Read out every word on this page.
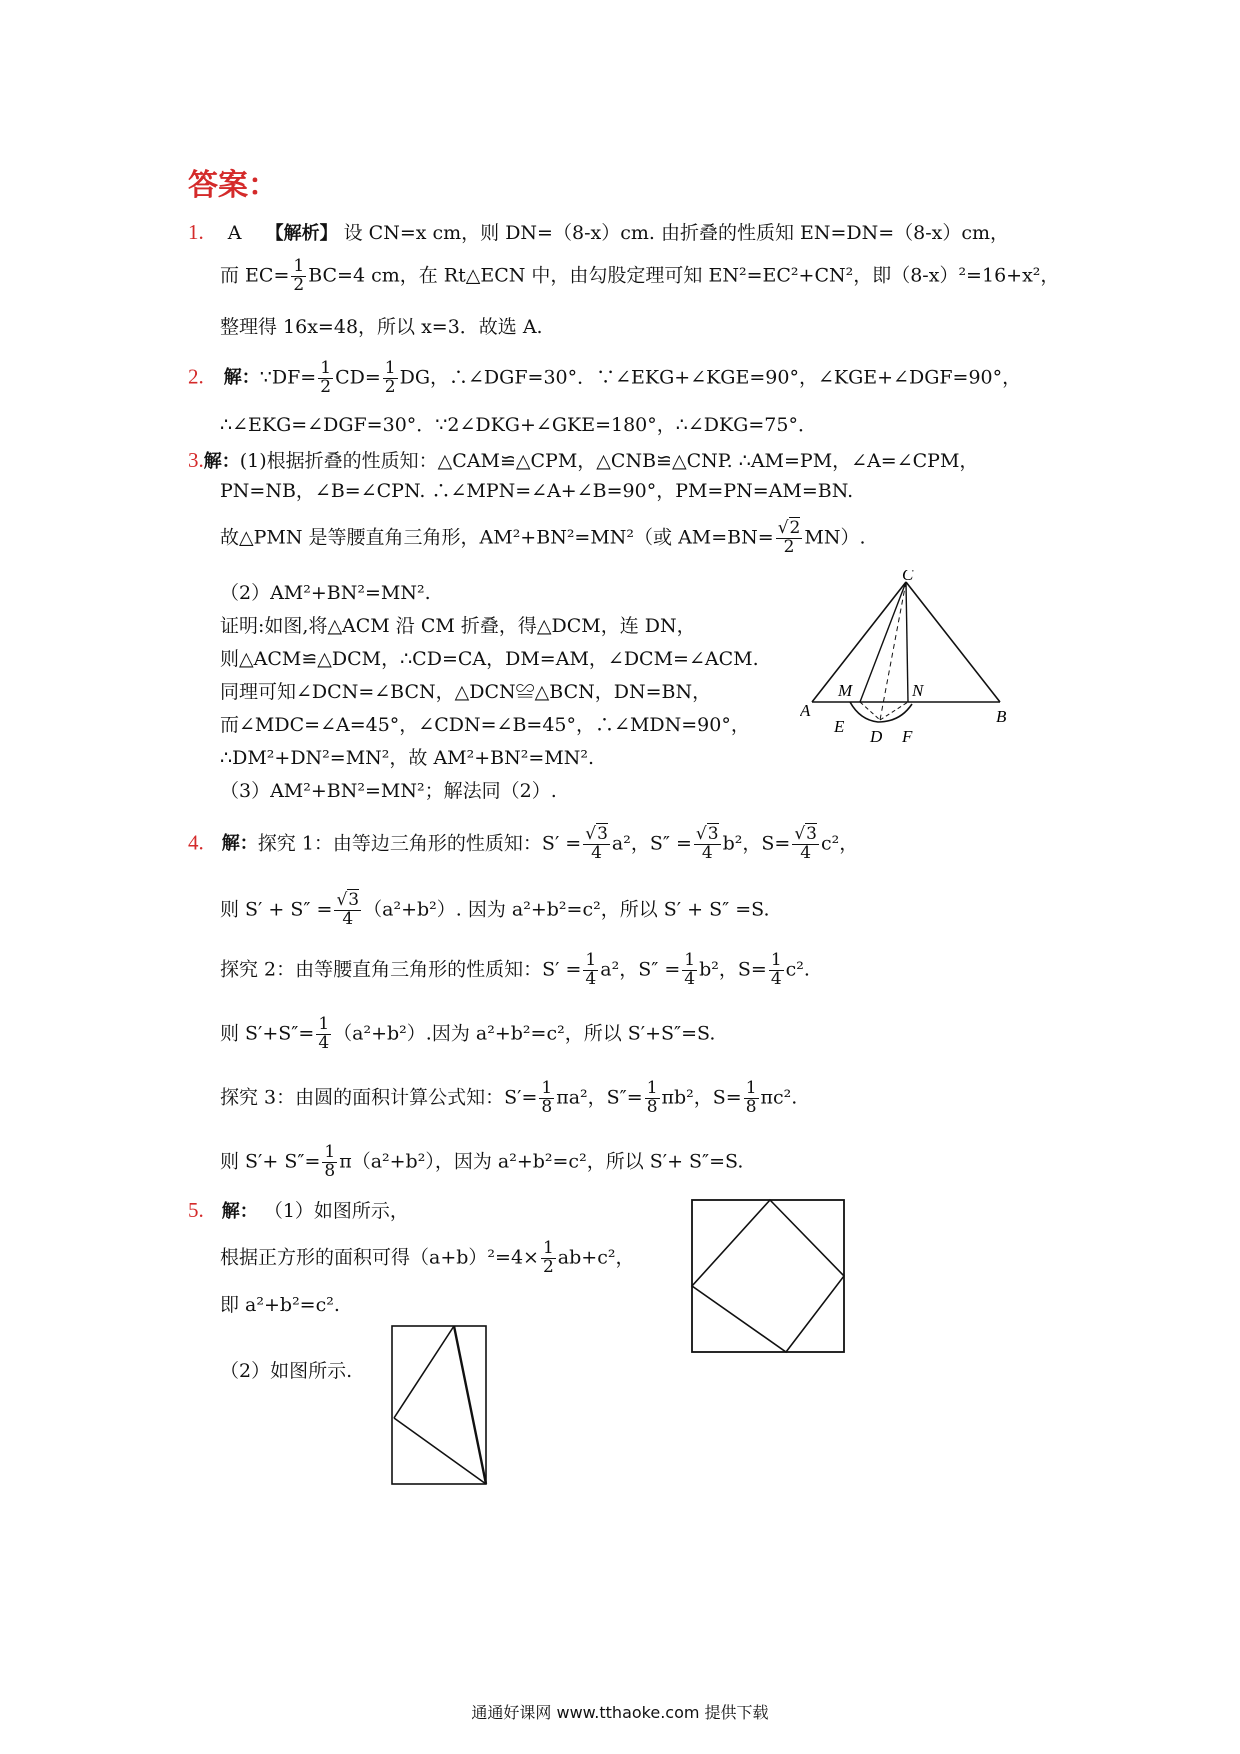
答案：
1. A 【解析】 设 CN=x cm，则 DN=（8-x）cm. 由折叠的性质知 EN=DN=（8-x）cm，
而 $EC= \frac{1}{2} BC=4$ cm，在 Rt△ECN 中，由勾股定理可知 EN²=EC²+CN²，即（8-x）²=16+x²，
整理得 16x=48，所以 x=3．故选 A.
2. 解：∵DF= $\frac{1}{2} CD= \frac{1}{2}$ DG，∴∠DGF=30°．∵∠EKG+∠KGE=90°，∠KGE+∠DGF=90°，
∴∠EKG=∠DGF=30°．∵2∠DKG+∠GKE=180°，∴∠DKG=75°．
3.解：(1)根据折叠的性质知：△CAM≌△CPM，△CNB≌△CNP. ∴AM=PM，∠A=∠CPM，
PN=NB，∠B=∠CPN. ∴∠MPN=∠A+∠B=90°，PM=PN=AM=BN.
故△PMN 是等腰直角三角形，AM²+BN²=MN²（或 $AM=BN= \frac{√2}{2} MN$）.
（2）AM²+BN²=MN².
证明:如图,将△ACM 沿 CM 折叠，得△DCM，连 DN，
则△ACM≌△DCM，∴CD=CA，DM=AM，∠DCM=∠ACM.
同理可知∠DCN=∠BCN，△DCN≌△BCN，DN=BN，
而∠MDC=∠A=45°，∠CDN=∠B=45°，∴∠MDN=90°，
∴DM²+DN²=MN²，故 AM²+BN²=MN².
（3）AM²+BN²=MN²；解法同（2）.
C
M	N
A
E
D F
B
4. 解：探究 1：由等边三角形的性质知：$S' = \frac{√3}{4} a^2$，$S'' = \frac{√3}{4} b^2$，$S= \frac{√3}{4} c^2$，
则 $S' + S'' = \frac{√3}{4} (a^2+b^2)$. 因为 a²+b²=c²，所以 S′ + S″ =S.
探究 2：由等腰直角三角形的性质知：$S' = \frac{1}{4} a^2$，$S'' = \frac{1}{4} b^2$，$S= \frac{1}{4} c^2$.
则 $S'+S''= \frac{1}{4} (a^2+b^2)$.因为 a²+b²=c²，所以 S′+S″=S.
探究 3：由圆的面积计算公式知：$S'= \frac{1}{8} \pi a^2$，$S''= \frac{1}{8} \pi b^2$，$S= \frac{1}{8} \pi c^2$.
则 $S'+ S''= \frac{1}{8} \pi(a^2+b^2)$，因为 a²+b²=c²，所以 S′+ S″=S.
5. 解： （1）如图所示，
根据正方形的面积可得$(a+b)^2=4\times \frac{1}{2} ab+c^2$，
即 a²+b²=c².
（2）如图所示.
通通好课网 www.tthaoke.com 提供下载
